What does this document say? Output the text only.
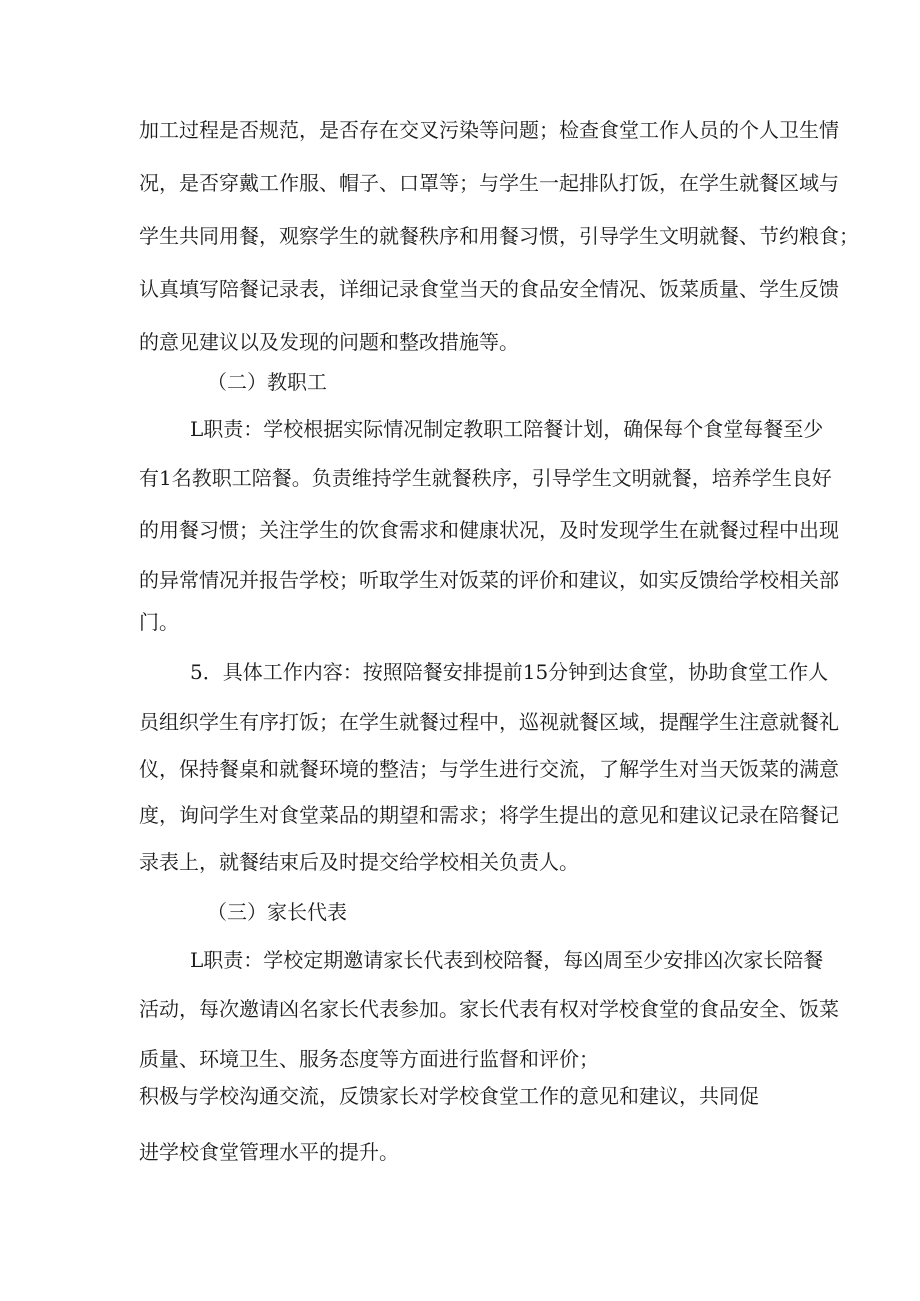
加工过程是否规范，是否存在交叉污染等问题；检查食堂工作人员的个人卫生情
况，是否穿戴工作服、帽子、口罩等；与学生一起排队打饭，在学生就餐区域与
学生共同用餐，观察学生的就餐秩序和用餐习惯，引导学生文明就餐、节约粮食；
认真填写陪餐记录表，详细记录食堂当天的食品安全情况、饭菜质量、学生反馈
的意见建议以及发现的问题和整改措施等。
（二）教职工
L职责：学校根据实际情况制定教职工陪餐计划，确保每个食堂每餐至少
有1名教职工陪餐。负责维持学生就餐秩序，引导学生文明就餐，培养学生良好
的用餐习惯；关注学生的饮食需求和健康状况，及时发现学生在就餐过程中出现
的异常情况并报告学校；听取学生对饭菜的评价和建议，如实反馈给学校相关部
门。
5．具体工作内容：按照陪餐安排提前15分钟到达食堂，协助食堂工作人
员组织学生有序打饭；在学生就餐过程中，巡视就餐区域，提醒学生注意就餐礼
仪，保持餐桌和就餐环境的整洁；与学生进行交流，了解学生对当天饭菜的满意
度，询问学生对食堂菜品的期望和需求；将学生提出的意见和建议记录在陪餐记
录表上，就餐结束后及时提交给学校相关负责人。
（三）家长代表
L职责：学校定期邀请家长代表到校陪餐，每凶周至少安排凶次家长陪餐
活动，每次邀请凶名家长代表参加。家长代表有权对学校食堂的食品安全、饭菜
质量、环境卫生、服务态度等方面进行监督和评价；
积极与学校沟通交流，反馈家长对学校食堂工作的意见和建议，共同促
进学校食堂管理水平的提升。
